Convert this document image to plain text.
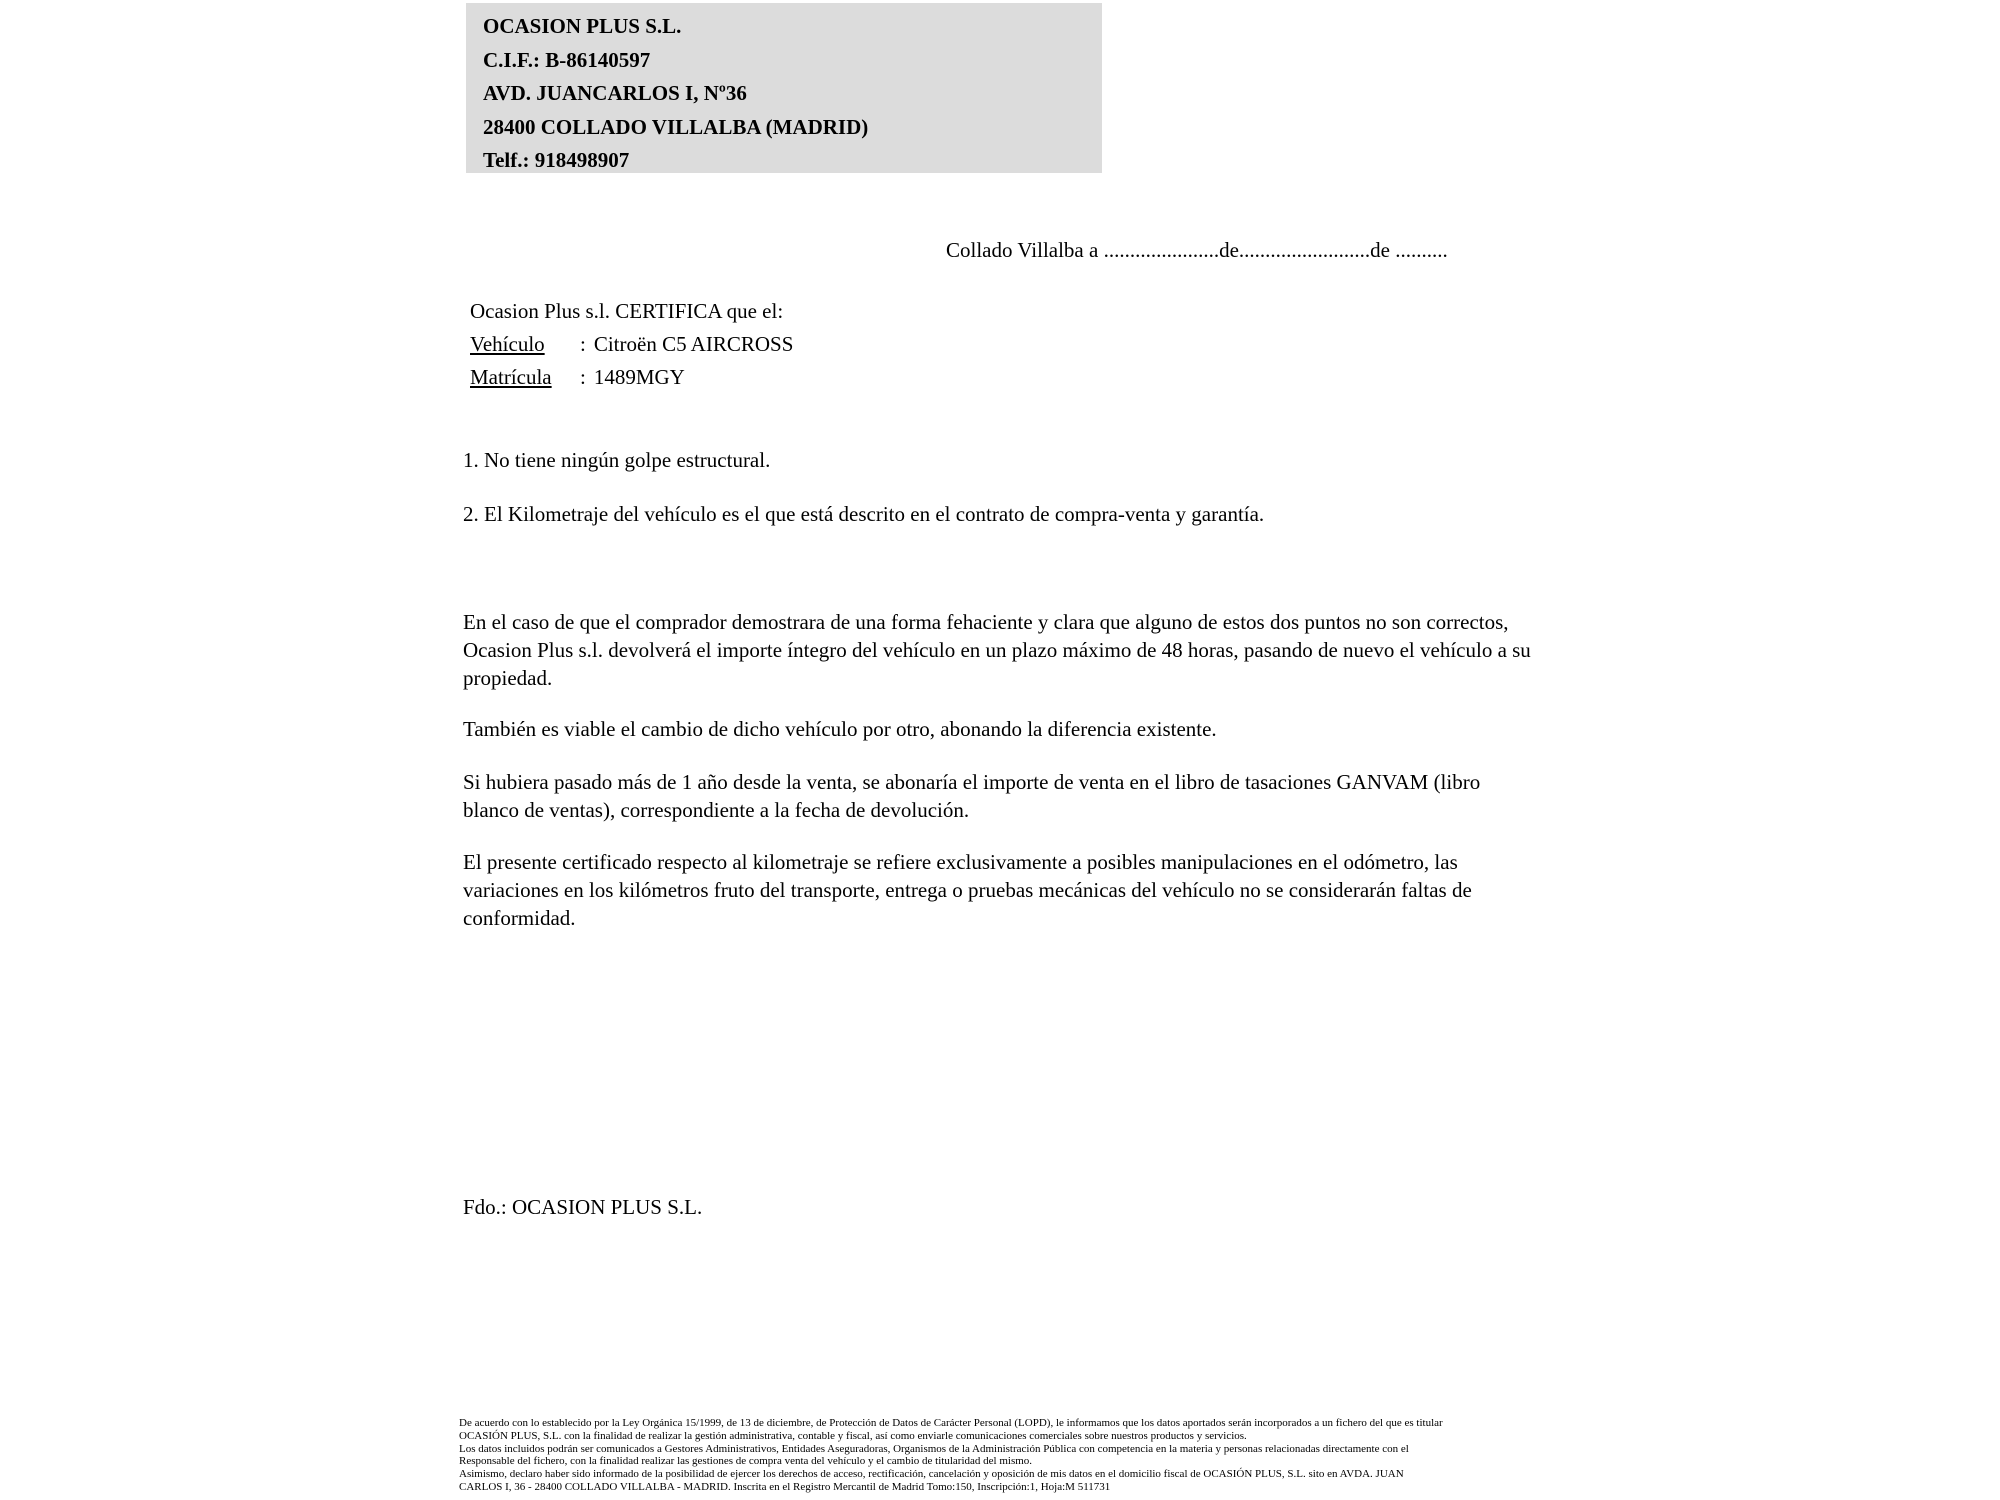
OCASION PLUS S.L.
C.I.F.: B-86140597
AVD. JUANCARLOS I, Nº36
28400 COLLADO VILLALBA (MADRID)
Telf.: 918498907
Collado Villalba a ......................de.........................de ..........
Ocasion Plus s.l. CERTIFICA que el:
Vehículo : Citroën C5 AIRCROSS
Matrícula : 1489MGY
1. No tiene ningún golpe estructural.
2. El Kilometraje del vehículo es el que está descrito en el contrato de compra-venta y garantía.
En el caso de que el comprador demostrara de una forma fehaciente y clara que alguno de estos dos puntos no son correctos, Ocasion Plus s.l. devolverá el importe íntegro del vehículo en un plazo máximo de 48 horas, pasando de nuevo el vehículo a su propiedad.
También es viable el cambio de dicho vehículo por otro, abonando la diferencia existente.
Si hubiera pasado más de 1 año desde la venta, se abonaría el importe de venta en el libro de tasaciones GANVAM (libro blanco de ventas), correspondiente a la fecha de devolución.
El presente certificado respecto al kilometraje se refiere exclusivamente a posibles manipulaciones en el odómetro, las variaciones en los kilómetros fruto del transporte, entrega o pruebas mecánicas del vehículo no se considerarán faltas de conformidad.
Fdo.: OCASION PLUS S.L.
De acuerdo con lo establecido por la Ley Orgánica 15/1999, de 13 de diciembre, de Protección de Datos de Carácter Personal (LOPD), le informamos que los datos aportados serán incorporados a un fichero del que es titular
OCASIÓN PLUS, S.L. con la finalidad de realizar la gestión administrativa, contable y fiscal, así como enviarle comunicaciones comerciales sobre nuestros productos y servicios.
Los datos incluidos podrán ser comunicados a Gestores Administrativos, Entidades Aseguradoras, Organismos de la Administración Pública con competencia en la materia y personas relacionadas directamente con el
Responsable del fichero, con la finalidad realizar las gestiones de compra venta del vehículo y el cambio de titularidad del mismo.
Asimismo, declaro haber sido informado de la posibilidad de ejercer los derechos de acceso, rectificación, cancelación y oposición de mis datos en el domicilio fiscal de OCASIÓN PLUS, S.L. sito en AVDA. JUAN
CARLOS I, 36 - 28400 COLLADO VILLALBA - MADRID. Inscrita en el Registro Mercantil de Madrid Tomo:150, Inscripción:1, Hoja:M 511731
